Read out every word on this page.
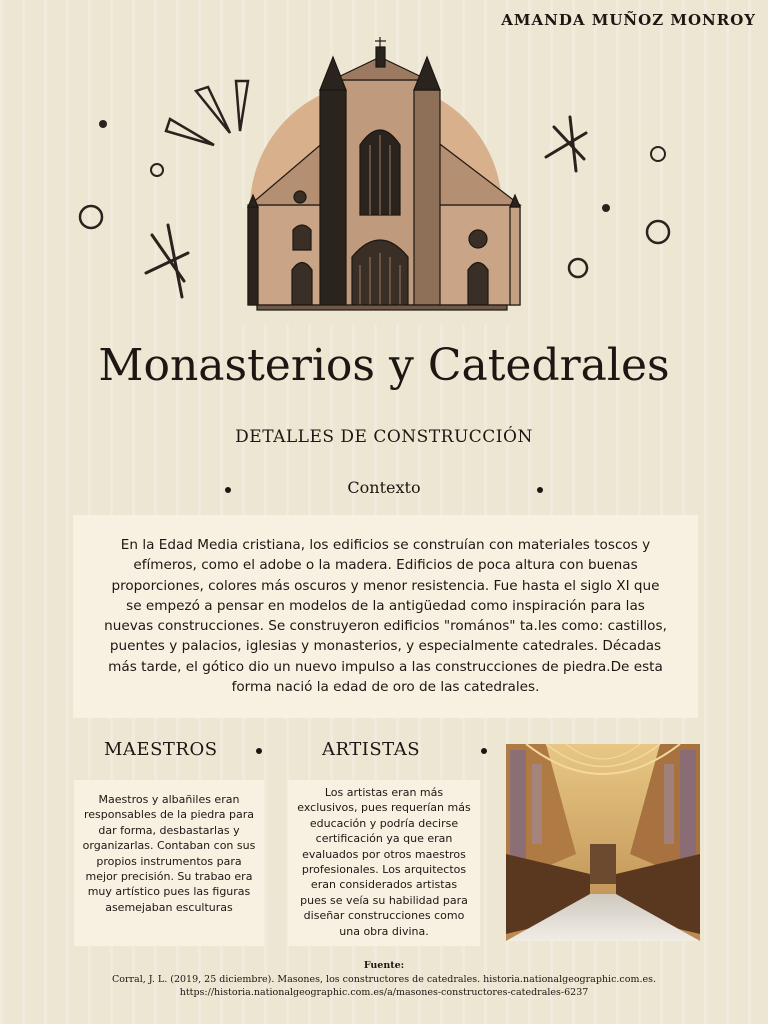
AMANDA MUÑOZ MONROY
Monasterios y Catedrales
DETALLES DE CONSTRUCCIÓN
Contexto

En la Edad Media cristiana, los edificios se construían con materiales toscos y efímeros, como el adobe o la madera. Edificios de poca altura con buenas proporciones, colores más oscuros y menor resistencia. Fue hasta el siglo XI que se empezó a pensar en modelos de la antigüedad como inspiración para las nuevas construcciones. Se construyeron edificios "romános" ta.les como: castillos, puentes y palacios, iglesias y monasterios, y especialmente catedrales. Décadas más tarde, el gótico dio un nuevo impulso a las construcciones de piedra.De esta forma nació la edad de oro de las catedrales.

MAESTROS	ARTISTAS

Maestros y albañiles eran responsables de la piedra para dar forma, desbastarlas y organizarlas. Contaban con sus propios instrumentos para mejor precisión. Su trabao era muy artístico pues las figuras asemejaban esculturas

Los artistas eran más exclusivos, pues requerían más educación y podría decirse certificación ya que eran evaluados por otros maestros profesionales. Los arquitectos eran considerados artistas pues se veía su habilidad para diseñar construcciones como una obra divina.

Fuente:
Corral, J. L. (2019, 25 diciembre). Masones, los constructores de catedrales. historia.nationalgeographic.com.es.
https://historia.nationalgeographic.com.es/a/masones-constructores-catedrales-6237
